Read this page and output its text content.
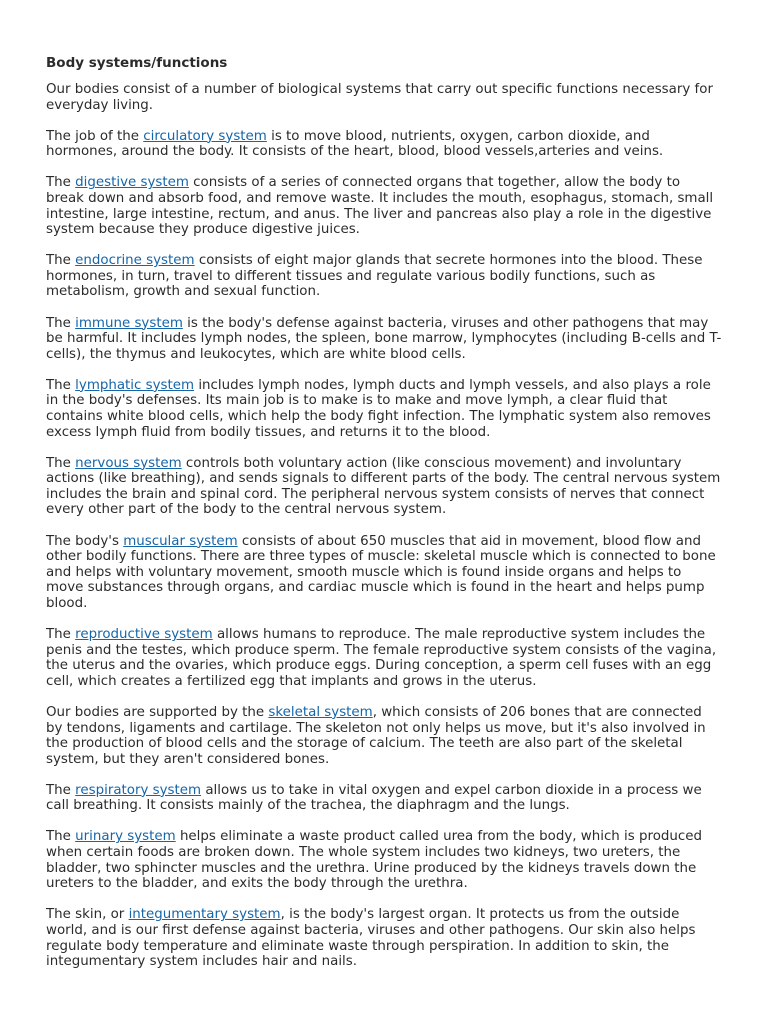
Body systems/functions

Our bodies consist of a number of biological systems that carry out specific functions necessary for everyday living.

The job of the circulatory system is to move blood, nutrients, oxygen, carbon dioxide, and hormones, around the body. It consists of the heart, blood, blood vessels,arteries and veins.

The digestive system consists of a series of connected organs that together, allow the body to break down and absorb food, and remove waste. It includes the mouth, esophagus, stomach, small intestine, large intestine, rectum, and anus. The liver and pancreas also play a role in the digestive system because they produce digestive juices.

The endocrine system consists of eight major glands that secrete hormones into the blood. These hormones, in turn, travel to different tissues and regulate various bodily functions, such as metabolism, growth and sexual function.

The immune system is the body's defense against bacteria, viruses and other pathogens that may be harmful. It includes lymph nodes, the spleen, bone marrow, lymphocytes (including B-cells and T-cells), the thymus and leukocytes, which are white blood cells.

The lymphatic system includes lymph nodes, lymph ducts and lymph vessels, and also plays a role in the body's defenses. Its main job is to make is to make and move lymph, a clear fluid that contains white blood cells, which help the body fight infection. The lymphatic system also removes excess lymph fluid from bodily tissues, and returns it to the blood.

The nervous system controls both voluntary action (like conscious movement) and involuntary actions (like breathing), and sends signals to different parts of the body. The central nervous system includes the brain and spinal cord. The peripheral nervous system consists of nerves that connect every other part of the body to the central nervous system.

The body's muscular system consists of about 650 muscles that aid in movement, blood flow and other bodily functions. There are three types of muscle: skeletal muscle which is connected to bone and helps with voluntary movement, smooth muscle which is found inside organs and helps to move substances through organs, and cardiac muscle which is found in the heart and helps pump blood.

The reproductive system allows humans to reproduce. The male reproductive system includes the penis and the testes, which produce sperm. The female reproductive system consists of the vagina, the uterus and the ovaries, which produce eggs. During conception, a sperm cell fuses with an egg cell, which creates a fertilized egg that implants and grows in the uterus.

Our bodies are supported by the skeletal system, which consists of 206 bones that are connected by tendons, ligaments and cartilage. The skeleton not only helps us move, but it's also involved in the production of blood cells and the storage of calcium. The teeth are also part of the skeletal system, but they aren't considered bones.

The respiratory system allows us to take in vital oxygen and expel carbon dioxide in a process we call breathing. It consists mainly of the trachea, the diaphragm and the lungs.

The urinary system helps eliminate a waste product called urea from the body, which is produced when certain foods are broken down. The whole system includes two kidneys, two ureters, the bladder, two sphincter muscles and the urethra. Urine produced by the kidneys travels down the ureters to the bladder, and exits the body through the urethra.

The skin, or integumentary system, is the body's largest organ. It protects us from the outside world, and is our first defense against bacteria, viruses and other pathogens. Our skin also helps regulate body temperature and eliminate waste through perspiration. In addition to skin, the integumentary system includes hair and nails.
